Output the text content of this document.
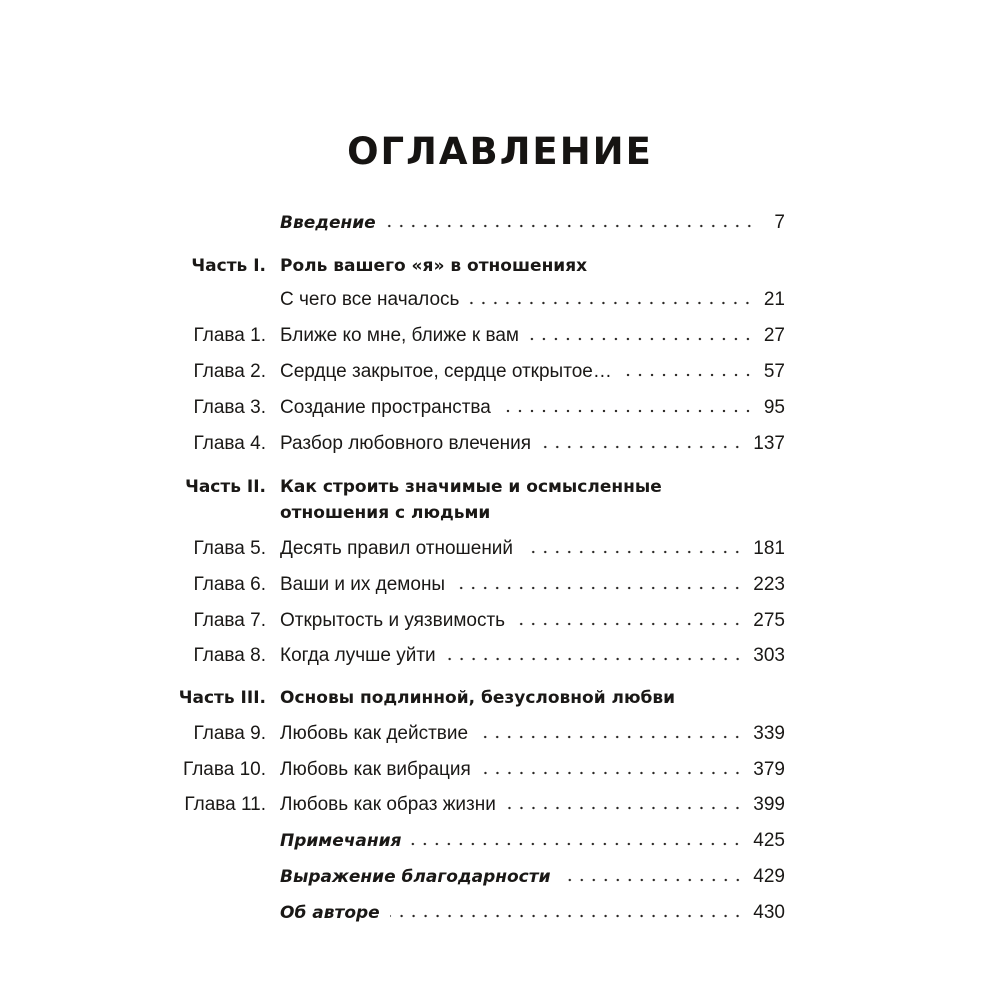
ОГЛАВЛЕНИЕ
Введение	7
Часть I. Роль вашего «я» в отношениях
С чего все началось	21
Глава 1. Ближе ко мне, ближе к вам	27
Глава 2. Сердце закрытое, сердце открытое…	57
Глава 3. Создание пространства	95
Глава 4. Разбор любовного влечения	137
Часть II. Как строить значимые и осмысленные
отношения с людьми
Глава 5. Десять правил отношений	181
Глава 6. Ваши и их демоны	223
Глава 7. Открытость и уязвимость	275
Глава 8. Когда лучше уйти	303
Часть III. Основы подлинной, безусловной любви
Глава 9. Любовь как действие	339
Глава 10. Любовь как вибрация	379
Глава 11. Любовь как образ жизни	399
Примечания	425
Выражение благодарности	429
Об авторе	430
